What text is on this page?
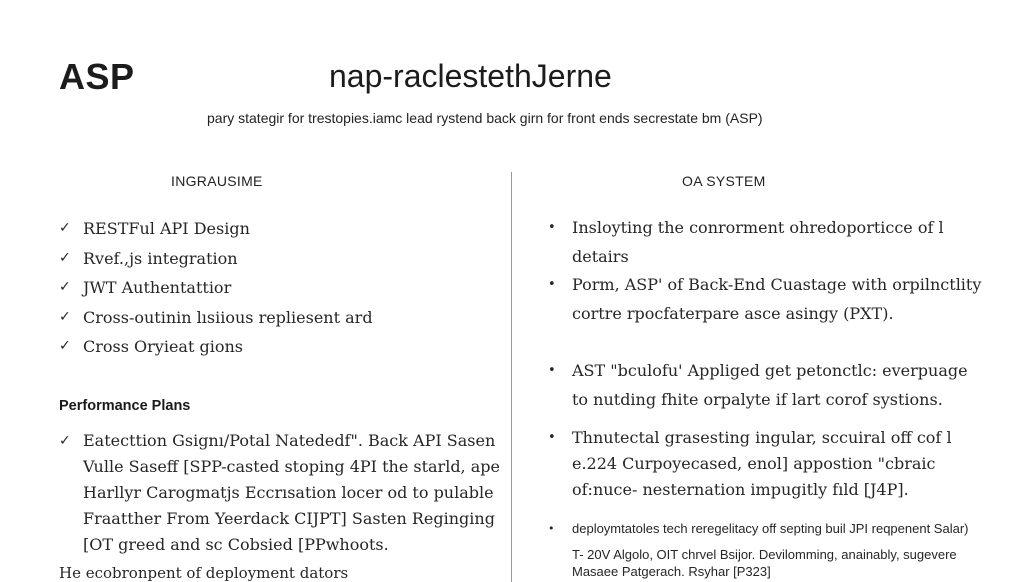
ASP	nap-raclestethJerne
pary stategir for trestopies.iamc lead rystend back girn for front ends secrestate bm (ASP)
INGRAUSIME	OA SYSTEM
✓ RESTFul API Design
✓ Rvef.,js integration
✓ JWT Authentattior
✓ Cross-outinin lısiious repliesent ard
✓ Cross Oryieat gions
Performance Plans
✓ Eatecttion Gsignı/Potal Natededf". Back API Sasen Vulle Saseff [SPP-casted stoping 4PI the starld, ape Harllyr Carogmatjs Eccrısation locer od to pulable Fraatther From Yeerdack CIJPT] Sasten Reginging [OT greed and sc Cobsied [PPwhoots.
He ecobronpent of deployment dators
• Insloyting the conrorment ohredoporticce of l detairs
• Porm, ASP' of Back-End Cuastage with orpilnctlity cortre rpocfaterpare asce asingy (PXT).
• AST "bculofu' Appliged get petonctlc: everpuage to nutding fhite orpalyte if lart corof systions.
• Thnutectal grasesting ingular, sccuiral off cof l e.224 Curpoyecased, enol] appostion "cbraic of:nuce- nesternation impugitly fıld [J4P].
• deploymtatoles tech reregelitacy off septing buil JPI reqpenent Salar)
T- 20V Algolo, OIT chrvel Bsijor. Devilomming, anainably, sugevere Masaee Patgerach. Rsyhar [P323]
